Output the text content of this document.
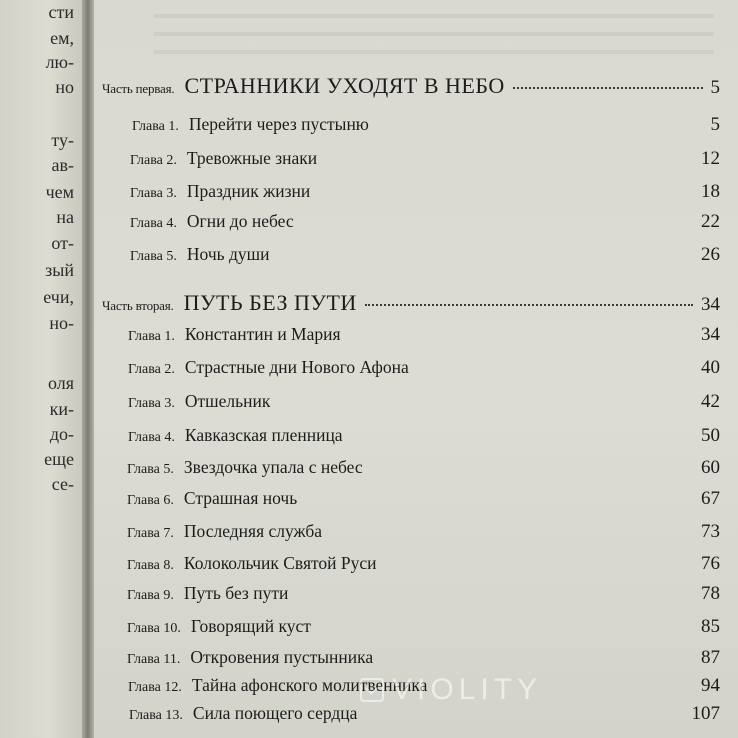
сти
ем,
лю-
но
ту-
ав-
чем
на
от-
зый
ечи,
но-
оля
ки-
до-
еще
се-
Часть первая. СТРАННИКИ УХОДЯТ В НЕБО	5
Глава 1. Перейти через пустыню	5
Глава 2. Тревожные знаки	12
Глава 3. Праздник жизни	18
Глава 4. Огни до небес	22
Глава 5. Ночь души	26
Часть вторая. ПУТЬ БЕЗ ПУТИ	34
Глава 1. Константин и Мария	34
Глава 2. Страстные дни Нового Афона	40
Глава 3. Отшельник	42
Глава 4. Кавказская пленница	50
Глава 5. Звездочка упала с небес	60
Глава 6. Страшная ночь	67
Глава 7. Последняя служба	73
Глава 8. Колокольчик Святой Руси	76
Глава 9. Путь без пути	78
Глава 10. Говорящий куст	85
Глава 11. Откровения пустынника	87
Глава 12. Тайна афонского молитвенника	94
Глава 13. Сила поющего сердца	107
VIOLITY
